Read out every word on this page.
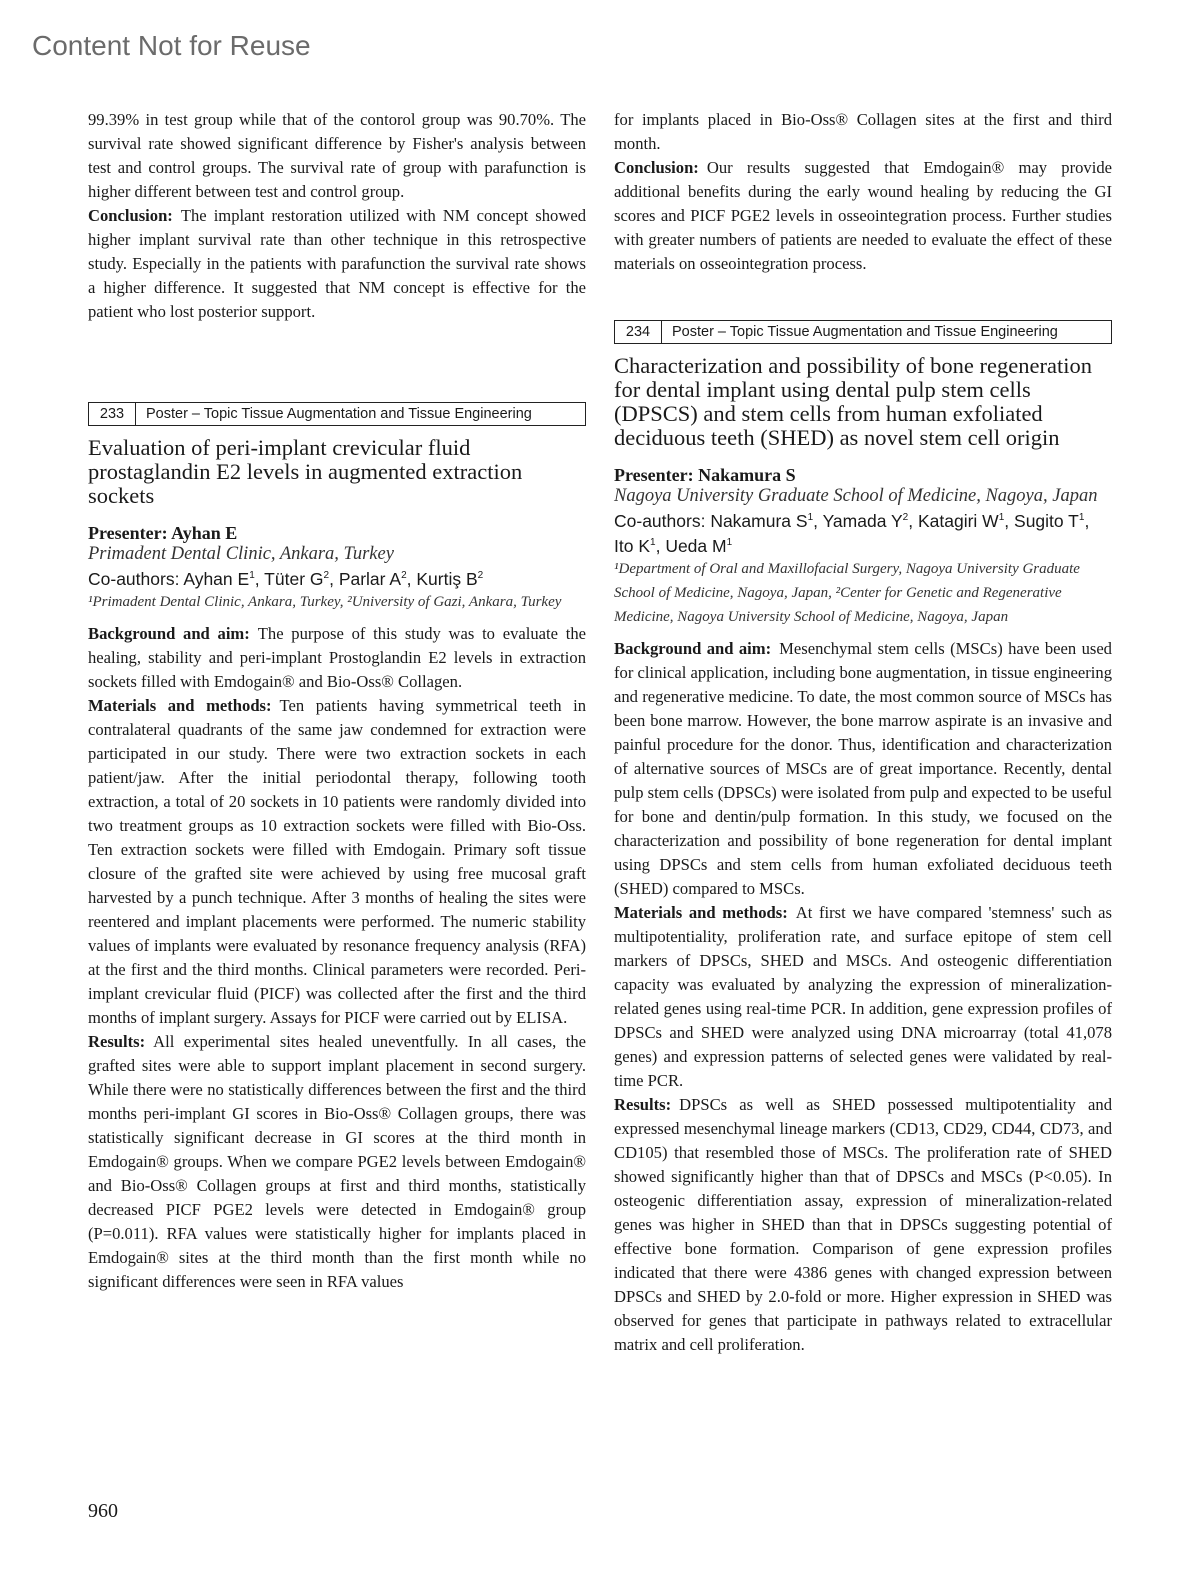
Content Not for Reuse

99.39% in test group while that of the contorol group was 90.70%. The survival rate showed significant difference by Fisher's analysis between test and control groups. The survival rate of group with parafunction is higher different between test and control group.

Conclusion: The implant restoration utilized with NM concept showed higher implant survival rate than other technique in this retrospective study. Especially in the patients with parafunction the survival rate shows a higher difference. It suggested that NM concept is effective for the patient who lost posterior support.

233	Poster – Topic Tissue Augmentation and Tissue Engineering
Evaluation of peri-implant crevicular fluid prostaglandin E2 levels in augmented extraction sockets
Presenter: Ayhan E
Primadent Dental Clinic, Ankara, Turkey
Co-authors: Ayhan $E^1$, Tüter $G^2$, Parlar $A^2$, Kurtiş $B^2$
¹Primadent Dental Clinic, Ankara, Turkey, ²University of Gazi, Ankara, Turkey

Background and aim: The purpose of this study was to evaluate the healing, stability and peri-implant Prostoglandin E2 levels in extraction sockets filled with Emdogain® and Bio-Oss® Collagen.

Materials and methods: Ten patients having symmetrical teeth in contralateral quadrants of the same jaw condemned for extraction were participated in our study. There were two extraction sockets in each patient/jaw. After the initial periodontal therapy, following tooth extraction, a total of 20 sockets in 10 patients were randomly divided into two treatment groups as 10 extraction sockets were filled with Bio-Oss. Ten extraction sockets were filled with Emdogain. Primary soft tissue closure of the grafted site were achieved by using free mucosal graft harvested by a punch technique. After 3 months of healing the sites were reentered and implant placements were performed. The numeric stability values of implants were evaluated by resonance frequency analysis (RFA) at the first and the third months. Clinical parameters were recorded. Peri-implant crevicular fluid (PICF) was collected after the first and the third months of implant surgery. Assays for PICF were carried out by ELISA.

Results: All experimental sites healed uneventfully. In all cases, the grafted sites were able to support implant placement in second surgery. While there were no statistically differences between the first and the third months peri-implant GI scores in Bio-Oss® Collagen groups, there was statistically significant decrease in GI scores at the third month in Emdogain® groups. When we compare PGE2 levels between Emdogain® and Bio-Oss® Collagen groups at first and third months, statistically decreased PICF PGE2 levels were detected in Emdogain® group (P=0.011). RFA values were statistically higher for implants placed in Emdogain® sites at the third month than the first month while no significant differences were seen in RFA values

for implants placed in Bio-Oss® Collagen sites at the first and third month.

Conclusion: Our results suggested that Emdogain® may provide additional benefits during the early wound healing by reducing the GI scores and PICF PGE2 levels in osseointegration process. Further studies with greater numbers of patients are needed to evaluate the effect of these materials on osseointegration process.

234	Poster – Topic Tissue Augmentation and Tissue Engineering
Characterization and possibility of bone regeneration for dental implant using dental pulp stem cells (DPSCS) and stem cells from human exfoliated deciduous teeth (SHED) as novel stem cell origin
Presenter: Nakamura S
Nagoya University Graduate School of Medicine, Nagoya, Japan
Co-authors: Nakamura $S^1$, Yamada $Y^2$, Katagiri $W^1$, Sugito $T^1$, Ito $K^1$, Ueda $M^1$
¹Department of Oral and Maxillofacial Surgery, Nagoya University Graduate School of Medicine, Nagoya, Japan, ²Center for Genetic and Regenerative Medicine, Nagoya University School of Medicine, Nagoya, Japan

Background and aim: Mesenchymal stem cells (MSCs) have been used for clinical application, including bone augmentation, in tissue engineering and regenerative medicine. To date, the most common source of MSCs has been bone marrow. However, the bone marrow aspirate is an invasive and painful procedure for the donor. Thus, identification and characterization of alternative sources of MSCs are of great importance. Recently, dental pulp stem cells (DPSCs) were isolated from pulp and expected to be useful for bone and dentin/pulp formation. In this study, we focused on the characterization and possibility of bone regeneration for dental implant using DPSCs and stem cells from human exfoliated deciduous teeth (SHED) compared to MSCs.

Materials and methods: At first we have compared 'stemness' such as multipotentiality, proliferation rate, and surface epitope of stem cell markers of DPSCs, SHED and MSCs. And osteogenic differentiation capacity was evaluated by analyzing the expression of mineralization-related genes using real-time PCR. In addition, gene expression profiles of DPSCs and SHED were analyzed using DNA microarray (total 41,078 genes) and expression patterns of selected genes were validated by real-time PCR.

Results: DPSCs as well as SHED possessed multipotentiality and expressed mesenchymal lineage markers (CD13, CD29, CD44, CD73, and CD105) that resembled those of MSCs. The proliferation rate of SHED showed significantly higher than that of DPSCs and MSCs (P<0.05). In osteogenic differentiation assay, expression of mineralization-related genes was higher in SHED than that in DPSCs suggesting potential of effective bone formation. Comparison of gene expression profiles indicated that there were 4386 genes with changed expression between DPSCs and SHED by 2.0-fold or more. Higher expression in SHED was observed for genes that participate in pathways related to extracellular matrix and cell proliferation.

960
